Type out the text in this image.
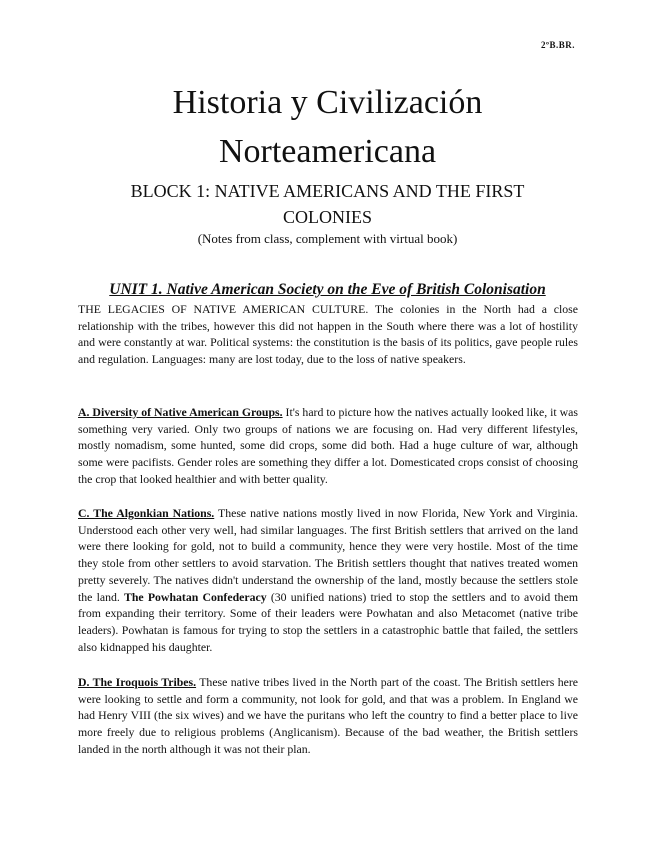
2ºB.BR.
Historia y Civilización
Norteamericana
BLOCK 1: NATIVE AMERICANS AND THE FIRST
COLONIES
(Notes from class, complement with virtual book)
UNIT 1. Native American Society on the Eve of British Colonisation
THE LEGACIES OF NATIVE AMERICAN CULTURE. The colonies in the North had a close relationship with the tribes, however this did not happen in the South where there was a lot of hostility and were constantly at war. Political systems: the constitution is the basis of its politics, gave people rules and regulation. Languages: many are lost today, due to the loss of native speakers.
A. Diversity of Native American Groups. It's hard to picture how the natives actually looked like, it was something very varied. Only two groups of nations we are focusing on. Had very different lifestyles, mostly nomadism, some hunted, some did crops, some did both. Had a huge culture of war, although some were pacifists. Gender roles are something they differ a lot. Domesticated crops consist of choosing the crop that looked healthier and with better quality.
C. The Algonkian Nations. These native nations mostly lived in now Florida, New York and Virginia. Understood each other very well, had similar languages. The first British settlers that arrived on the land were there looking for gold, not to build a community, hence they were very hostile. Most of the time they stole from other settlers to avoid starvation. The British settlers thought that natives treated women pretty severely. The natives didn't understand the ownership of the land, mostly because the settlers stole the land. The Powhatan Confederacy (30 unified nations) tried to stop the settlers and to avoid them from expanding their territory. Some of their leaders were Powhatan and also Metacomet (native tribe leaders). Powhatan is famous for trying to stop the settlers in a catastrophic battle that failed, the settlers also kidnapped his daughter.
D. The Iroquois Tribes. These native tribes lived in the North part of the coast. The British settlers here were looking to settle and form a community, not look for gold, and that was a problem. In England we had Henry VIII (the six wives) and we have the puritans who left the country to find a better place to live more freely due to religious problems (Anglicanism). Because of the bad weather, the British settlers landed in the north although it was not their plan.
